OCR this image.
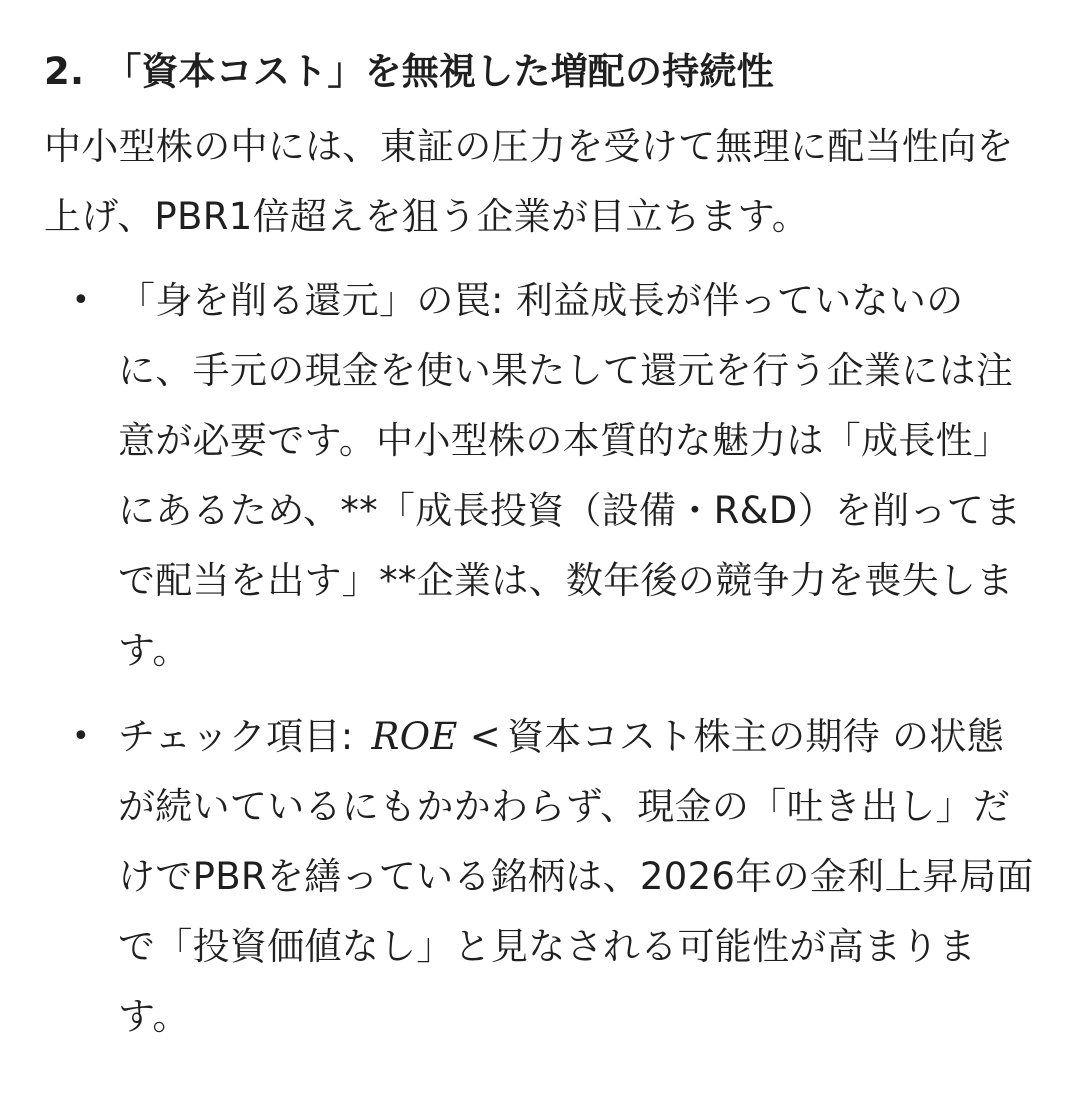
2. 「資本コスト」を無視した増配の持続性

中小型株の中には、東証の圧力を受けて無理に配当性向を上げ、PBR1倍超えを狙う企業が目立ちます。

• 「身を削る還元」の罠: 利益成長が伴っていないのに、手元の現金を使い果たして還元を行う企業には注意が必要です。中小型株の本質的な魅力は「成長性」にあるため、**「成長投資（設備・R&D）を削ってまで配当を出す」**企業は、数年後の競争力を喪失します。
• チェック項目: ROE < 資本コスト株主の期待 の状態が続いているにもかかわらず、現金の「吐き出し」だけでPBRを繕っている銘柄は、2026年の金利上昇局面で「投資価値なし」と見なされる可能性が高まります。
